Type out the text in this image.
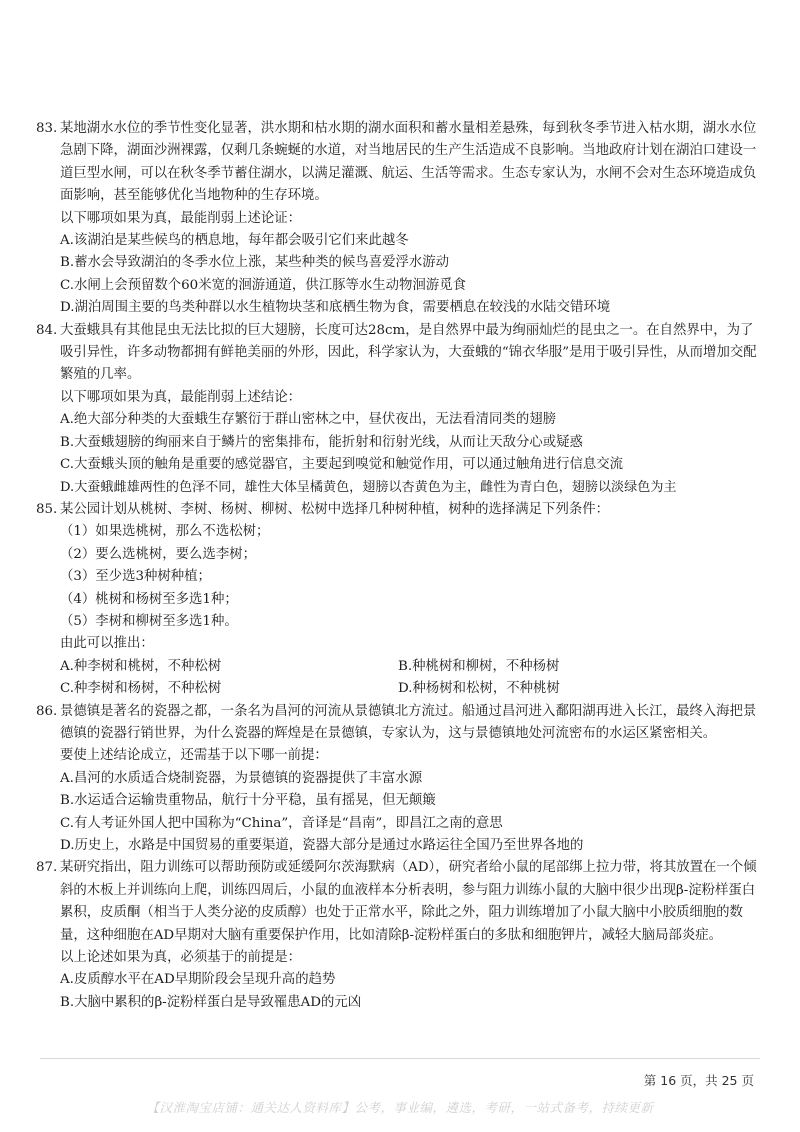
83. 某地湖水水位的季节性变化显著，洪水期和枯水期的湖水面积和蓄水量相差悬殊，每到秋冬季节进入枯水期，湖水水位急剧下降，湖面沙洲裸露，仅剩几条蜿蜒的水道，对当地居民的生产生活造成不良影响。当地政府计划在湖泊口建设一道巨型水闸，可以在秋冬季节蓄住湖水，以满足灌溉、航运、生活等需求。生态专家认为，水闸不会对生态环境造成负面影响，甚至能够优化当地物种的生存环境。

以下哪项如果为真，最能削弱上述论证：

A.该湖泊是某些候鸟的栖息地，每年都会吸引它们来此越冬

B.蓄水会导致湖泊的冬季水位上涨，某些种类的候鸟喜爱浮水游动

C.水闸上会预留数个60米宽的洄游通道，供江豚等水生动物洄游觅食

D.湖泊周围主要的鸟类种群以水生植物块茎和底栖生物为食，需要栖息在较浅的水陆交错环境

84. 大蚕蛾具有其他昆虫无法比拟的巨大翅膀，长度可达28cm，是自然界中最为绚丽灿烂的昆虫之一。在自然界中，为了吸引异性，许多动物都拥有鲜艳美丽的外形，因此，科学家认为，大蚕蛾的“锦衣华服”是用于吸引异性，从而增加交配繁殖的几率。

以下哪项如果为真，最能削弱上述结论：

A.绝大部分种类的大蚕蛾生存繁衍于群山密林之中，昼伏夜出，无法看清同类的翅膀

B.大蚕蛾翅膀的绚丽来自于鳞片的密集排布，能折射和衍射光线，从而让天敌分心或疑惑

C.大蚕蛾头顶的触角是重要的感觉器官，主要起到嗅觉和触觉作用，可以通过触角进行信息交流

D.大蚕蛾雌雄两性的色泽不同，雄性大体呈橘黄色，翅膀以杏黄色为主，雌性为青白色，翅膀以淡绿色为主

85. 某公园计划从桃树、李树、杨树、柳树、松树中选择几种树种植，树种的选择满足下列条件：

（1）如果选桃树，那么不选松树；

（2）要么选桃树，要么选李树；

（3）至少选3种树种植；

（4）桃树和杨树至多选1种；

（5）李树和柳树至多选1种。

由此可以推出：

A.种李树和桃树，不种松树	B.种桃树和柳树，不种杨树
C.种李树和杨树，不种松树	D.种杨树和松树，不种桃树

86. 景德镇是著名的瓷器之都，一条名为昌河的河流从景德镇北方流过。船通过昌河进入鄱阳湖再进入长江，最终入海把景德镇的瓷器行销世界，为什么瓷器的辉煌是在景德镇，专家认为，这与景德镇地处河流密布的水运区紧密相关。

要使上述结论成立，还需基于以下哪一前提：

A.昌河的水质适合烧制瓷器，为景德镇的瓷器提供了丰富水源

B.水运适合运输贵重物品，航行十分平稳，虽有摇晃，但无颠簸

C.有人考证外国人把中国称为“China”，音译是“昌南”，即昌江之南的意思

D.历史上，水路是中国贸易的重要渠道，瓷器大部分是通过水路运往全国乃至世界各地的

87. 某研究指出，阻力训练可以帮助预防或延缓阿尔茨海默病（AD），研究者给小鼠的尾部绑上拉力带，将其放置在一个倾斜的木板上并训练向上爬，训练四周后，小鼠的血液样本分析表明，参与阻力训练小鼠的大脑中很少出现β-淀粉样蛋白累积，皮质酮（相当于人类分泌的皮质醇）也处于正常水平，除此之外，阻力训练增加了小鼠大脑中小胶质细胞的数量，这种细胞在AD早期对大脑有重要保护作用，比如清除β-淀粉样蛋白的多肽和细胞钾片，减轻大脑局部炎症。

以上论述如果为真，必须基于的前提是：

A.皮质醇水平在AD早期阶段会呈现升高的趋势

B.大脑中累积的β-淀粉样蛋白是导致罹患AD的元凶

第 16 页，共 25 页
【汉淮淘宝店铺：通关达人资料库】公考，事业编，遴选，考研，一站式备考，持续更新
